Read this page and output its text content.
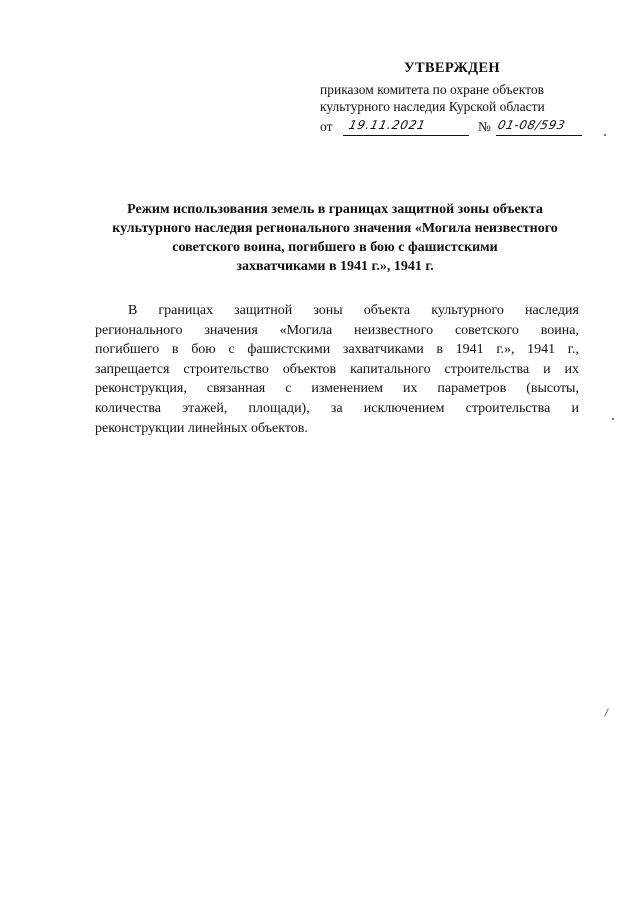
УТВЕРЖДЕН

приказом комитета по охране объектов

культурного наследия Курской области

от 19.11.2021	№ 01-08/593
Режим использования земель в границах защитной зоны объекта
культурного наследия регионального значения «Могила неизвестного
советского воина, погибшего в бою с фашистскими
захватчиками в 1941 г.», 1941 г.
В границах защитной зоны объекта культурного наследия
регионального значения «Могила неизвестного советского воина,
погибшего в бою с фашистскими захватчиками в 1941 г.», 1941 г.,
запрещается строительство объектов капитального строительства и их
реконструкция, связанная с изменением их параметров (высоты,
количества этажей, площади), за исключением строительства и
реконструкции линейных объектов.
